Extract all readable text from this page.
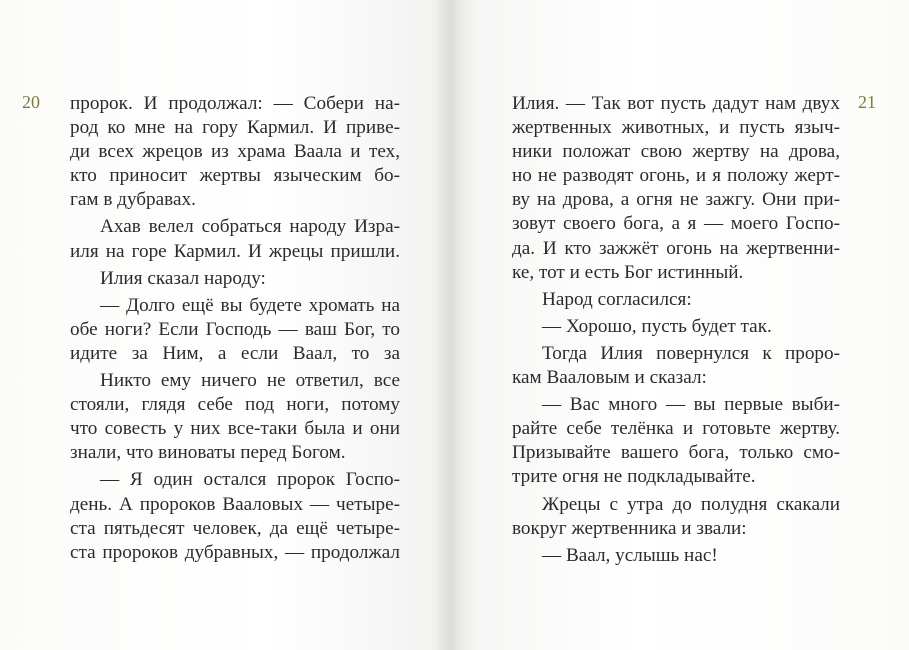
20	21
пророк. И продолжал: — Собери на-
род ко мне на гору Кармил. И приве-
ди всех жрецов из храма Ваала и тех,
кто приносит жертвы языческим бо-
гам в дубравах.
Ахав велел собраться народу Изра-
иля на горе Кармил. И жрецы пришли.
Илия сказал народу:
— Долго ещё вы будете хромать на
обе ноги? Если Господь — ваш Бог, то
идите за Ним, а если Ваал, то за
Никто ему ничего не ответил, все
стояли, глядя себе под ноги, потому
что совесть у них все-таки была и они
знали, что виноваты перед Богом.
— Я один остался пророк Госпо-
день. А пророков Вааловых — четыре-
ста пятьдесят человек, да ещё четыре-
ста пророков дубравных, — продолжал
Илия. — Так вот пусть дадут нам двух
жертвенных животных, и пусть языч-
ники положат свою жертву на дрова,
но не разводят огонь, и я положу жерт-
ву на дрова, а огня не зажгу. Они при-
зовут своего бога, а я — моего Госпо-
да. И кто зажжёт огонь на жертвенни-
ке, тот и есть Бог истинный.
Народ согласился:
— Хорошо, пусть будет так.
Тогда Илия повернулся к проро-
кам Вааловым и сказал:
— Вас много — вы первые выби-
райте себе телёнка и готовьте жертву.
Призывайте вашего бога, только смо-
трите огня не подкладывайте.
Жрецы с утра до полудня скакали
вокруг жертвенника и звали:
— Ваал, услышь нас!
